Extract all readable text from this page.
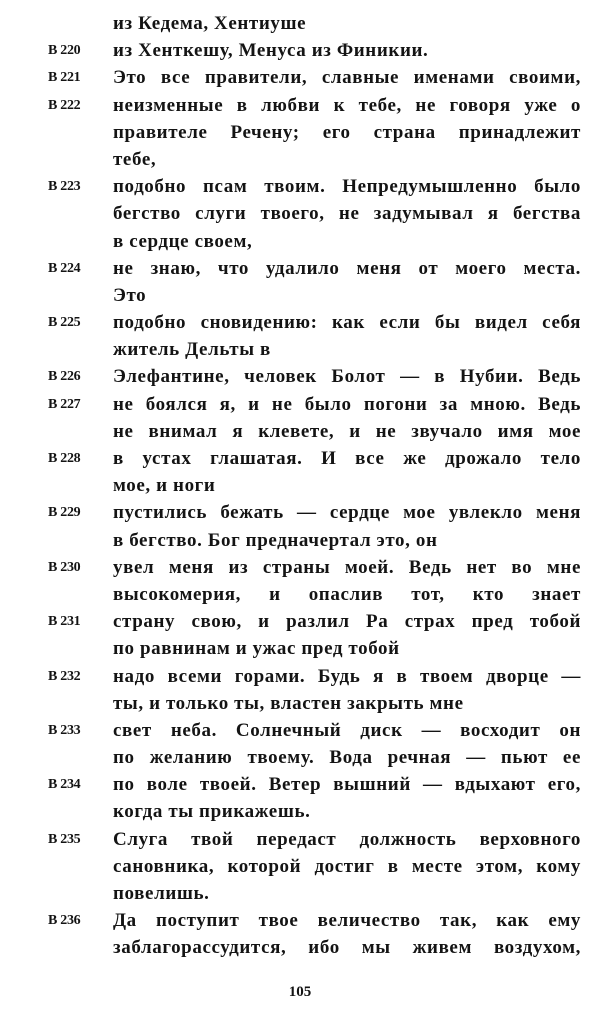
из Кедема, Хентиуше
B 220 из Хенткешу, Менуса из Финикии.
B 221 Это все правители, славные именами своими,
B 222 неизменные в любви к тебе, не говоря уже о
правителе Речену; его страна принадлежит
тебе,
B 223 подобно псам твоим. Непредумышленно было
бегство слуги твоего, не задумывал я бегства
в сердце своем,
B 224 не знаю, что удалило меня от моего места.
Это
B 225 подобно сновидению: как если бы видел себя
житель Дельты в
B 226 Элефантине, человек Болот — в Нубии. Ведь
B 227 не боялся я, и не было погони за мною. Ведь
не внимал я клевете, и не звучало имя мое
B 228 в устах глашатая. И все же дрожало тело
мое, и ноги
B 229 пустились бежать — сердце мое увлекло меня
в бегство. Бог предначертал это, он
B 230 увел меня из страны моей. Ведь нет во мне
высокомерия, и опаслив тот, кто знает
B 231 страну свою, и разлил Ра страх пред тобой
по равнинам и ужас пред тобой
B 232 надо всеми горами. Будь я в твоем дворце —
ты, и только ты, властен закрыть мне
B 233 свет неба. Солнечный диск — восходит он
по желанию твоему. Вода речная — пьют ее
B 234 по воле твоей. Ветер вышний — вдыхают его,
когда ты прикажешь.
B 235 Слуга твой передаст должность верховного
сановника, которой достиг в месте этом, кому
повелишь.
B 236 Да поступит твое величество так, как ему
заблагорассудится, ибо мы живем воздухом,
105
